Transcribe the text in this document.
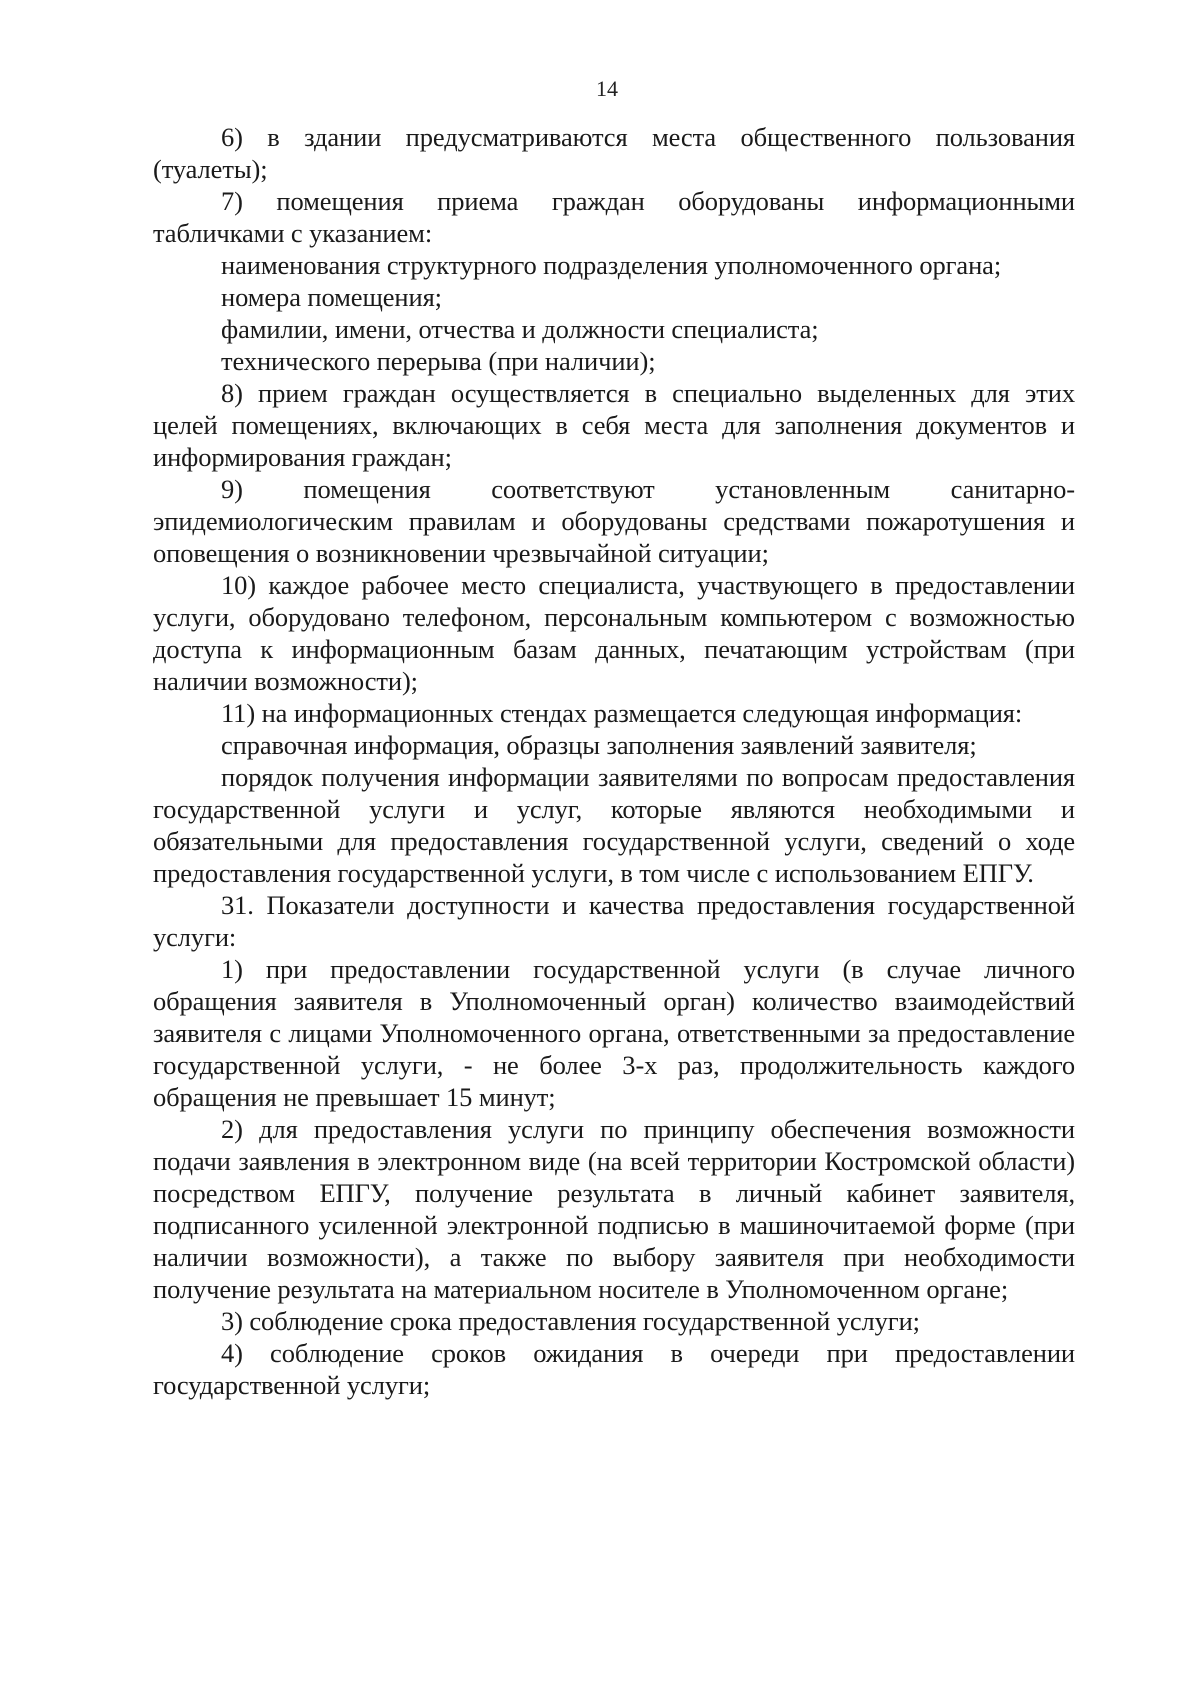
14

6) в здании предусматриваются места общественного пользования (туалеты);

7) помещения приема граждан оборудованы информационными табличками с указанием:

наименования структурного подразделения уполномоченного органа;

номера помещения;

фамилии, имени, отчества и должности специалиста;

технического перерыва (при наличии);

8) прием граждан осуществляется в специально выделенных для этих целей помещениях, включающих в себя места для заполнения документов и информирования граждан;

9) помещения соответствуют установленным санитарно-эпидемиологическим правилам и оборудованы средствами пожаротушения и оповещения о возникновении чрезвычайной ситуации;

10) каждое рабочее место специалиста, участвующего в предоставлении услуги, оборудовано телефоном, персональным компьютером с возможностью доступа к информационным базам данных, печатающим устройствам (при наличии возможности);

11) на информационных стендах размещается следующая информация:

справочная информация, образцы заполнения заявлений заявителя;

порядок получения информации заявителями по вопросам предоставления государственной услуги и услуг, которые являются необходимыми и обязательными для предоставления государственной услуги, сведений о ходе предоставления государственной услуги, в том числе с использованием ЕПГУ.

31. Показатели доступности и качества предоставления государственной услуги:

1) при предоставлении государственной услуги (в случае личного обращения заявителя в Уполномоченный орган) количество взаимодействий заявителя с лицами Уполномоченного органа, ответственными за предоставление государственной услуги, - не более 3-х раз, продолжительность каждого обращения не превышает 15 минут;

2) для предоставления услуги по принципу обеспечения возможности подачи заявления в электронном виде (на всей территории Костромской области) посредством ЕПГУ, получение результата в личный кабинет заявителя, подписанного усиленной электронной подписью в машиночитаемой форме (при наличии возможности), а также по выбору заявителя при необходимости получение результата на материальном носителе в Уполномоченном органе;

3) соблюдение срока предоставления государственной услуги;

4) соблюдение сроков ожидания в очереди при предоставлении государственной услуги;
